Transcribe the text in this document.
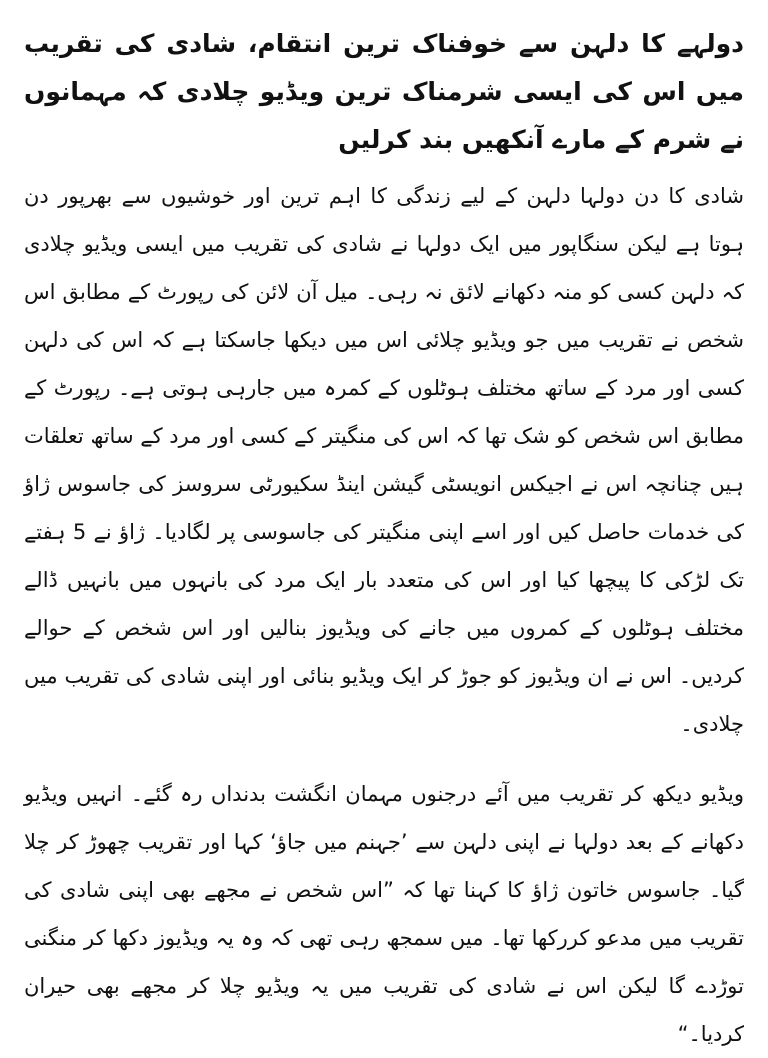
دولہے کا دلہن سے خوفناک ترین انتقام، شادی کی تقریب میں اس کی ایسی شرمناک ترین ویڈیو چلادی کہ مہمانوں نے شرم کے مارے آنکھیں بند کرلیں

شادی کا دن دولہا دلہن کے لیے زندگی کا اہم ترین اور خوشیوں سے بھرپور دن ہوتا ہے لیکن سنگاپور میں ایک دولہا نے شادی کی تقریب میں ایسی ویڈیو چلادی کہ دلہن کسی کو منہ دکھانے لائق نہ رہی۔ میل آن لائن کی رپورٹ کے مطابق اس شخص نے تقریب میں جو ویڈیو چلائی اس میں دیکھا جاسکتا ہے کہ اس کی دلہن کسی اور مرد کے ساتھ مختلف ہوٹلوں کے کمرہ میں جارہی ہوتی ہے۔ رپورٹ کے مطابق اس شخص کو شک تھا کہ اس کی منگیتر کے کسی اور مرد کے ساتھ تعلقات ہیں چنانچہ اس نے اجیکس انویسٹی گیشن اینڈ سکیورٹی سروسز کی جاسوس ژاؤ کی خدمات حاصل کیں اور اسے اپنی منگیتر کی جاسوسی پر لگادیا۔ ژاؤ نے 5 ہفتے تک لڑکی کا پیچھا کیا اور اس کی متعدد بار ایک مرد کی بانہوں میں بانہیں ڈالے مختلف ہوٹلوں کے کمروں میں جانے کی ویڈیوز بنالیں اور اس شخص کے حوالے کردیں۔ اس نے ان ویڈیوز کو جوڑ کر ایک ویڈیو بنائی اور اپنی شادی کی تقریب میں چلادی۔

ویڈیو دیکھ کر تقریب میں آئے درجنوں مہمان انگشت بدنداں رہ گئے۔ انہیں ویڈیو دکھانے کے بعد دولہا نے اپنی دلہن سے ’جہنم میں جاؤ‘ کہا اور تقریب چھوڑ کر چلا گیا۔ جاسوس خاتون ژاؤ کا کہنا تھا کہ ”اس شخص نے مجھے بھی اپنی شادی کی تقریب میں مدعو کررکھا تھا۔ میں سمجھ رہی تھی کہ وہ یہ ویڈیوز دکھا کر منگنی توڑدے گا لیکن اس نے شادی کی تقریب میں یہ ویڈیو چلا کر مجھے بھی حیران کردیا۔“
